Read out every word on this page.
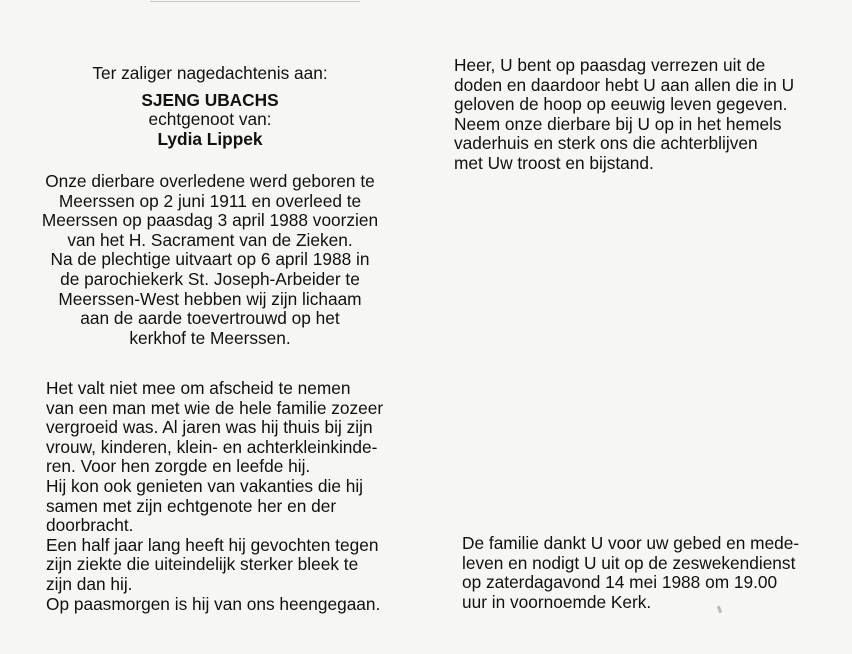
Ter zaliger nagedachtenis aan:
SJENG UBACHS
echtgenoot van:
Lydia Lippek
Onze dierbare overledene werd geboren te
Meerssen op 2 juni 1911 en overleed te
Meerssen op paasdag 3 april 1988 voorzien
van het H. Sacrament van de Zieken.
Na de plechtige uitvaart op 6 april 1988 in
de parochiekerk St. Joseph-Arbeider te
Meerssen-West hebben wij zijn lichaam
aan de aarde toevertrouwd op het
kerkhof te Meerssen.
Het valt niet mee om afscheid te nemen
van een man met wie de hele familie zozeer
vergroeid was. Al jaren was hij thuis bij zijn
vrouw, kinderen, klein- en achterkleinkinde-
ren. Voor hen zorgde en leefde hij.
Hij kon ook genieten van vakanties die hij
samen met zijn echtgenote her en der
doorbracht.
Een half jaar lang heeft hij gevochten tegen
zijn ziekte die uiteindelijk sterker bleek te
zijn dan hij.
Op paasmorgen is hij van ons heengegaan.
Heer, U bent op paasdag verrezen uit de
doden en daardoor hebt U aan allen die in U
geloven de hoop op eeuwig leven gegeven.
Neem onze dierbare bij U op in het hemels
vaderhuis en sterk ons die achterblijven
met Uw troost en bijstand.
De familie dankt U voor uw gebed en mede-
leven en nodigt U uit op de zeswekendienst
op zaterdagavond 14 mei 1988 om 19.00
uur in voornoemde Kerk.
